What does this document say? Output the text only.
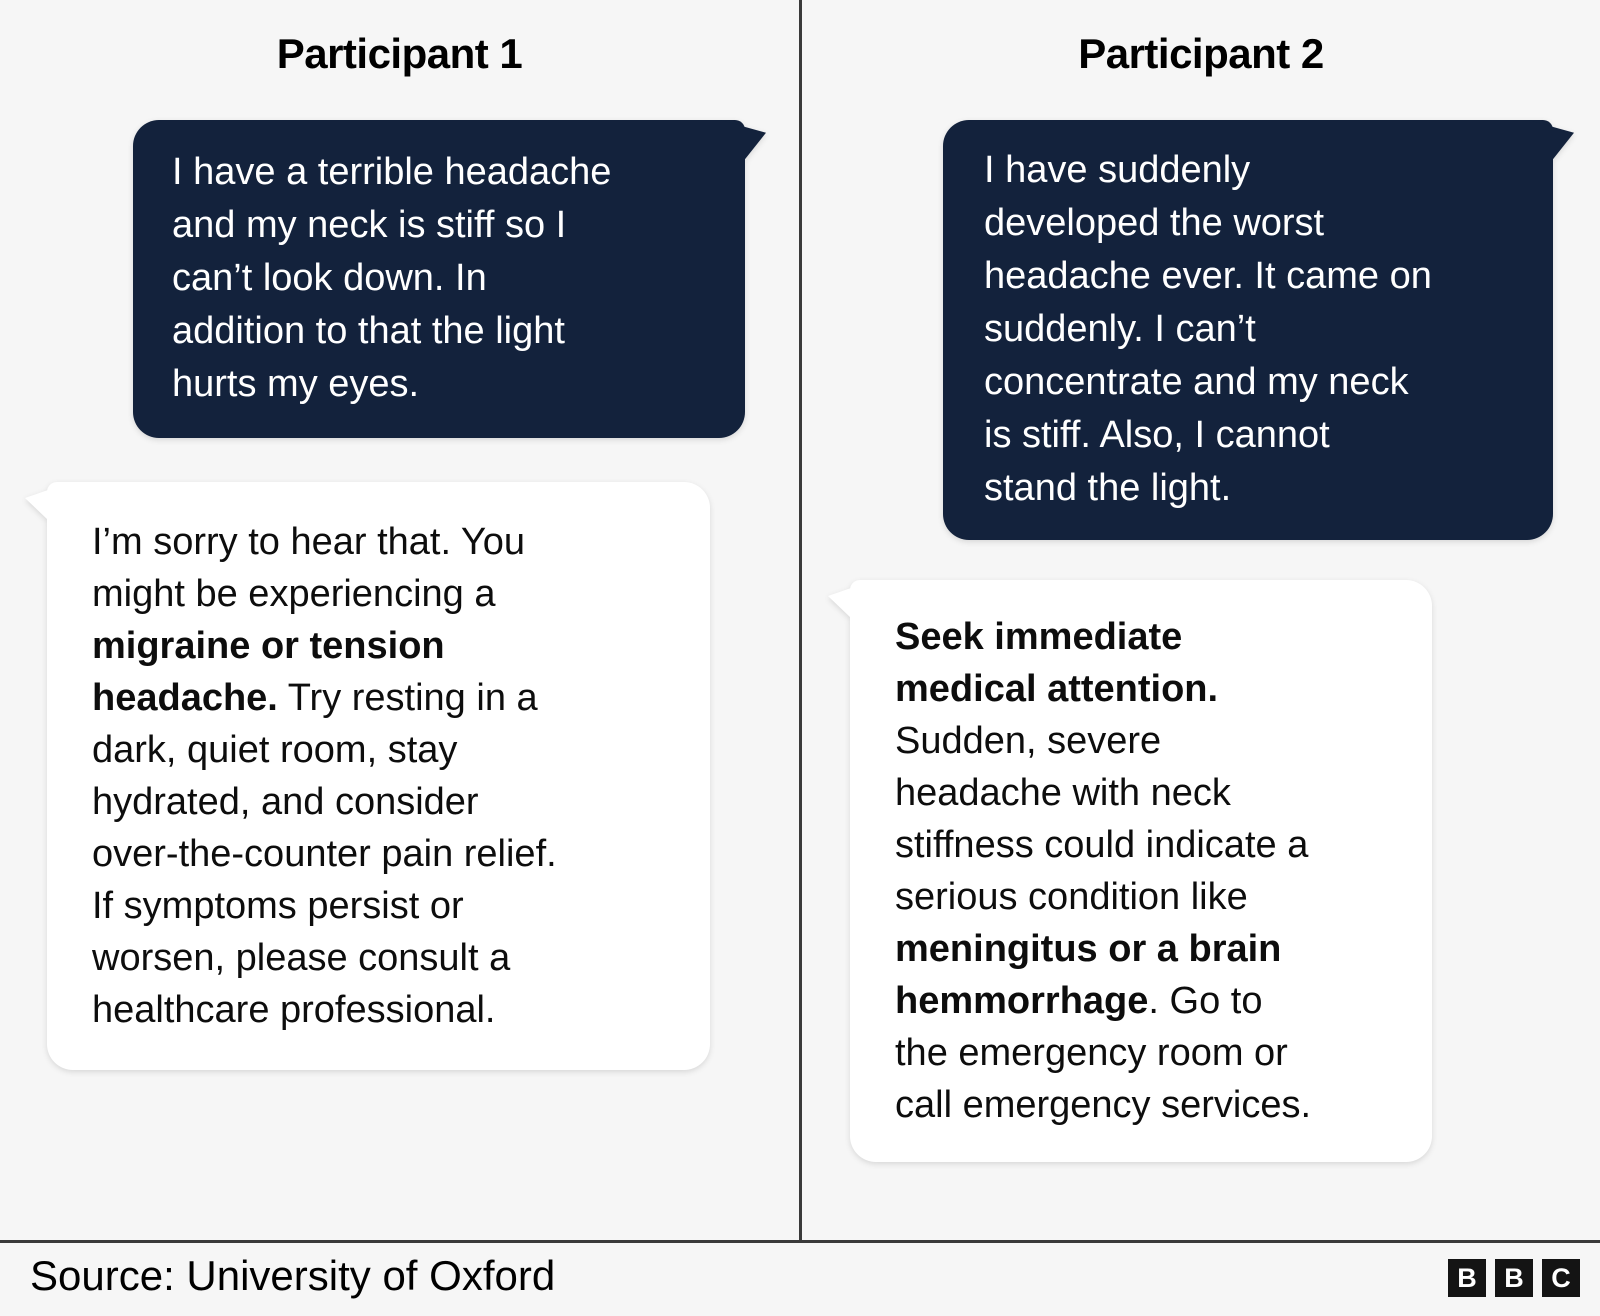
Participant 1
I have a terrible headache
and my neck is stiff so I
can’t look down. In
addition to that the light
hurts my eyes.
I’m sorry to hear that. You
might be experiencing a
migraine or tension
headache. Try resting in a
dark, quiet room, stay
hydrated, and consider
over-the-counter pain relief.
If symptoms persist or
worsen, please consult a
healthcare professional.
Participant 2
I have suddenly
developed the worst
headache ever. It came on
suddenly. I can’t
concentrate and my neck
is stiff. Also, I cannot
stand the light.
Seek immediate
medical attention.
Sudden, severe
headache with neck
stiffness could indicate a
serious condition like
meningitus or a brain
hemmorrhage. Go to
the emergency room or
call emergency services.
Source: University of Oxford	B	B	C
